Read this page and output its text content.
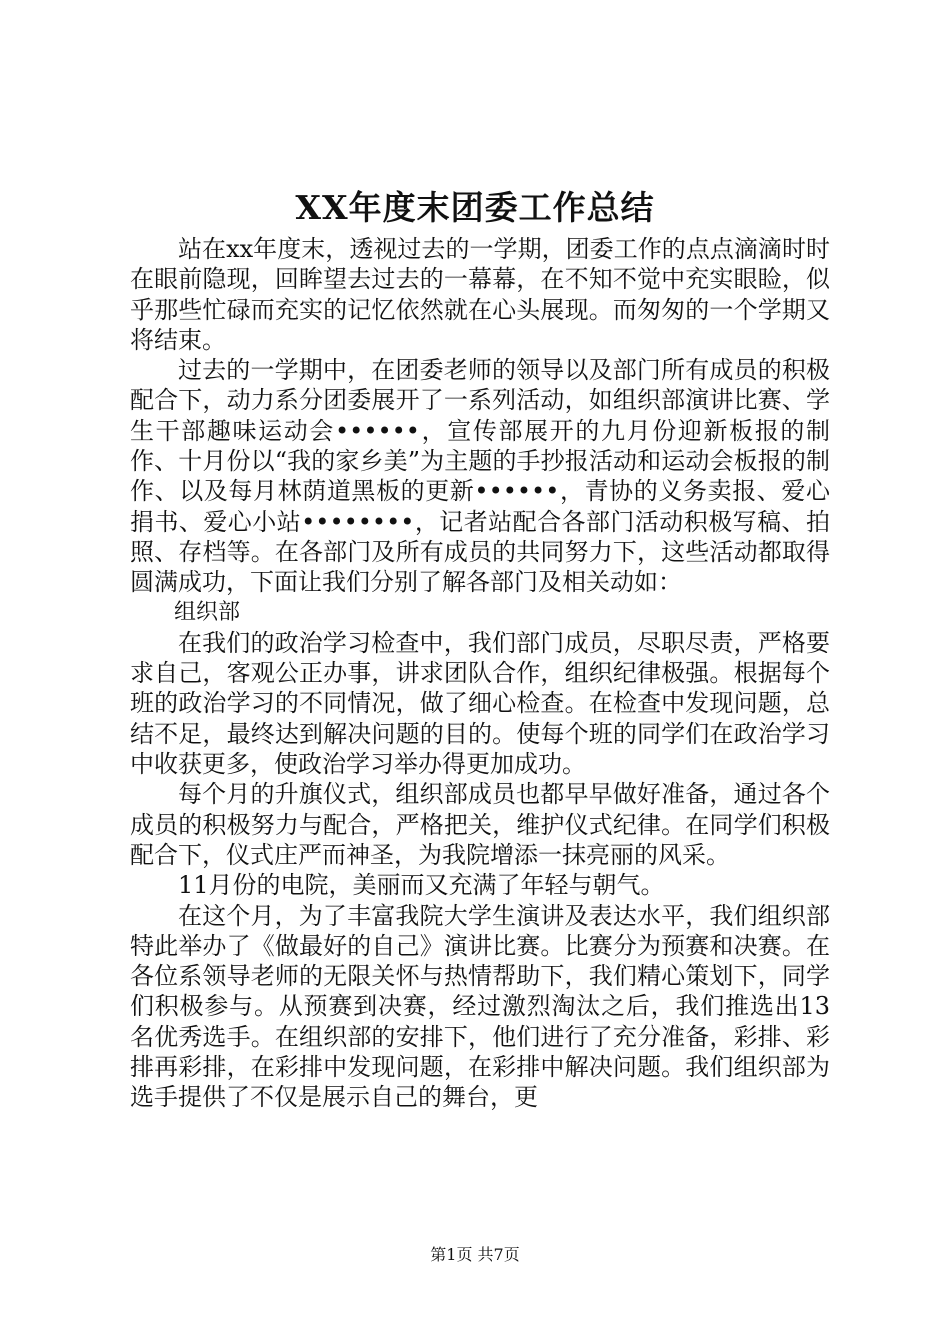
XX年度末团委工作总结

站在xx年度末，透视过去的一学期，团委工作的点点滴滴时时在眼前隐现，回眸望去过去的一幕幕，在不知不觉中充实眼睑，似乎那些忙碌而充实的记忆依然就在心头展现。而匆匆的一个学期又将结束。

过去的一学期中，在团委老师的领导以及部门所有成员的积极配合下，动力系分团委展开了一系列活动，如组织部演讲比赛、学生干部趣味运动会••••••，宣传部展开的九月份迎新板报的制作、十月份以“我的家乡美”为主题的手抄报活动和运动会板报的制作、以及每月林荫道黑板的更新••••••，青协的义务卖报、爱心捐书、爱心小站••••••••，记者站配合各部门活动积极写稿、拍照、存档等。在各部门及所有成员的共同努力下，这些活动都取得圆满成功，下面让我们分别了解各部门及相关动如：

组织部

在我们的政治学习检查中，我们部门成员，尽职尽责，严格要求自己，客观公正办事，讲求团队合作，组织纪律极强。根据每个班的政治学习的不同情况，做了细心检查。在检查中发现问题，总结不足，最终达到解决问题的目的。使每个班的同学们在政治学习中收获更多，使政治学习举办得更加成功。

每个月的升旗仪式，组织部成员也都早早做好准备，通过各个成员的积极努力与配合，严格把关，维护仪式纪律。在同学们积极配合下，仪式庄严而神圣，为我院增添一抹亮丽的风采。

11月份的电院，美丽而又充满了年轻与朝气。

在这个月，为了丰富我院大学生演讲及表达水平，我们组织部特此举办了《做最好的自己》演讲比赛。比赛分为预赛和决赛。在各位系领导老师的无限关怀与热情帮助下，我们精心策划下，同学们积极参与。从预赛到决赛，经过激烈淘汰之后，我们推选出13名优秀选手。在组织部的安排下，他们进行了充分准备，彩排、彩排再彩排，在彩排中发现问题，在彩排中解决问题。我们组织部为选手提供了不仅是展示自己的舞台，更

第1页 共7页
